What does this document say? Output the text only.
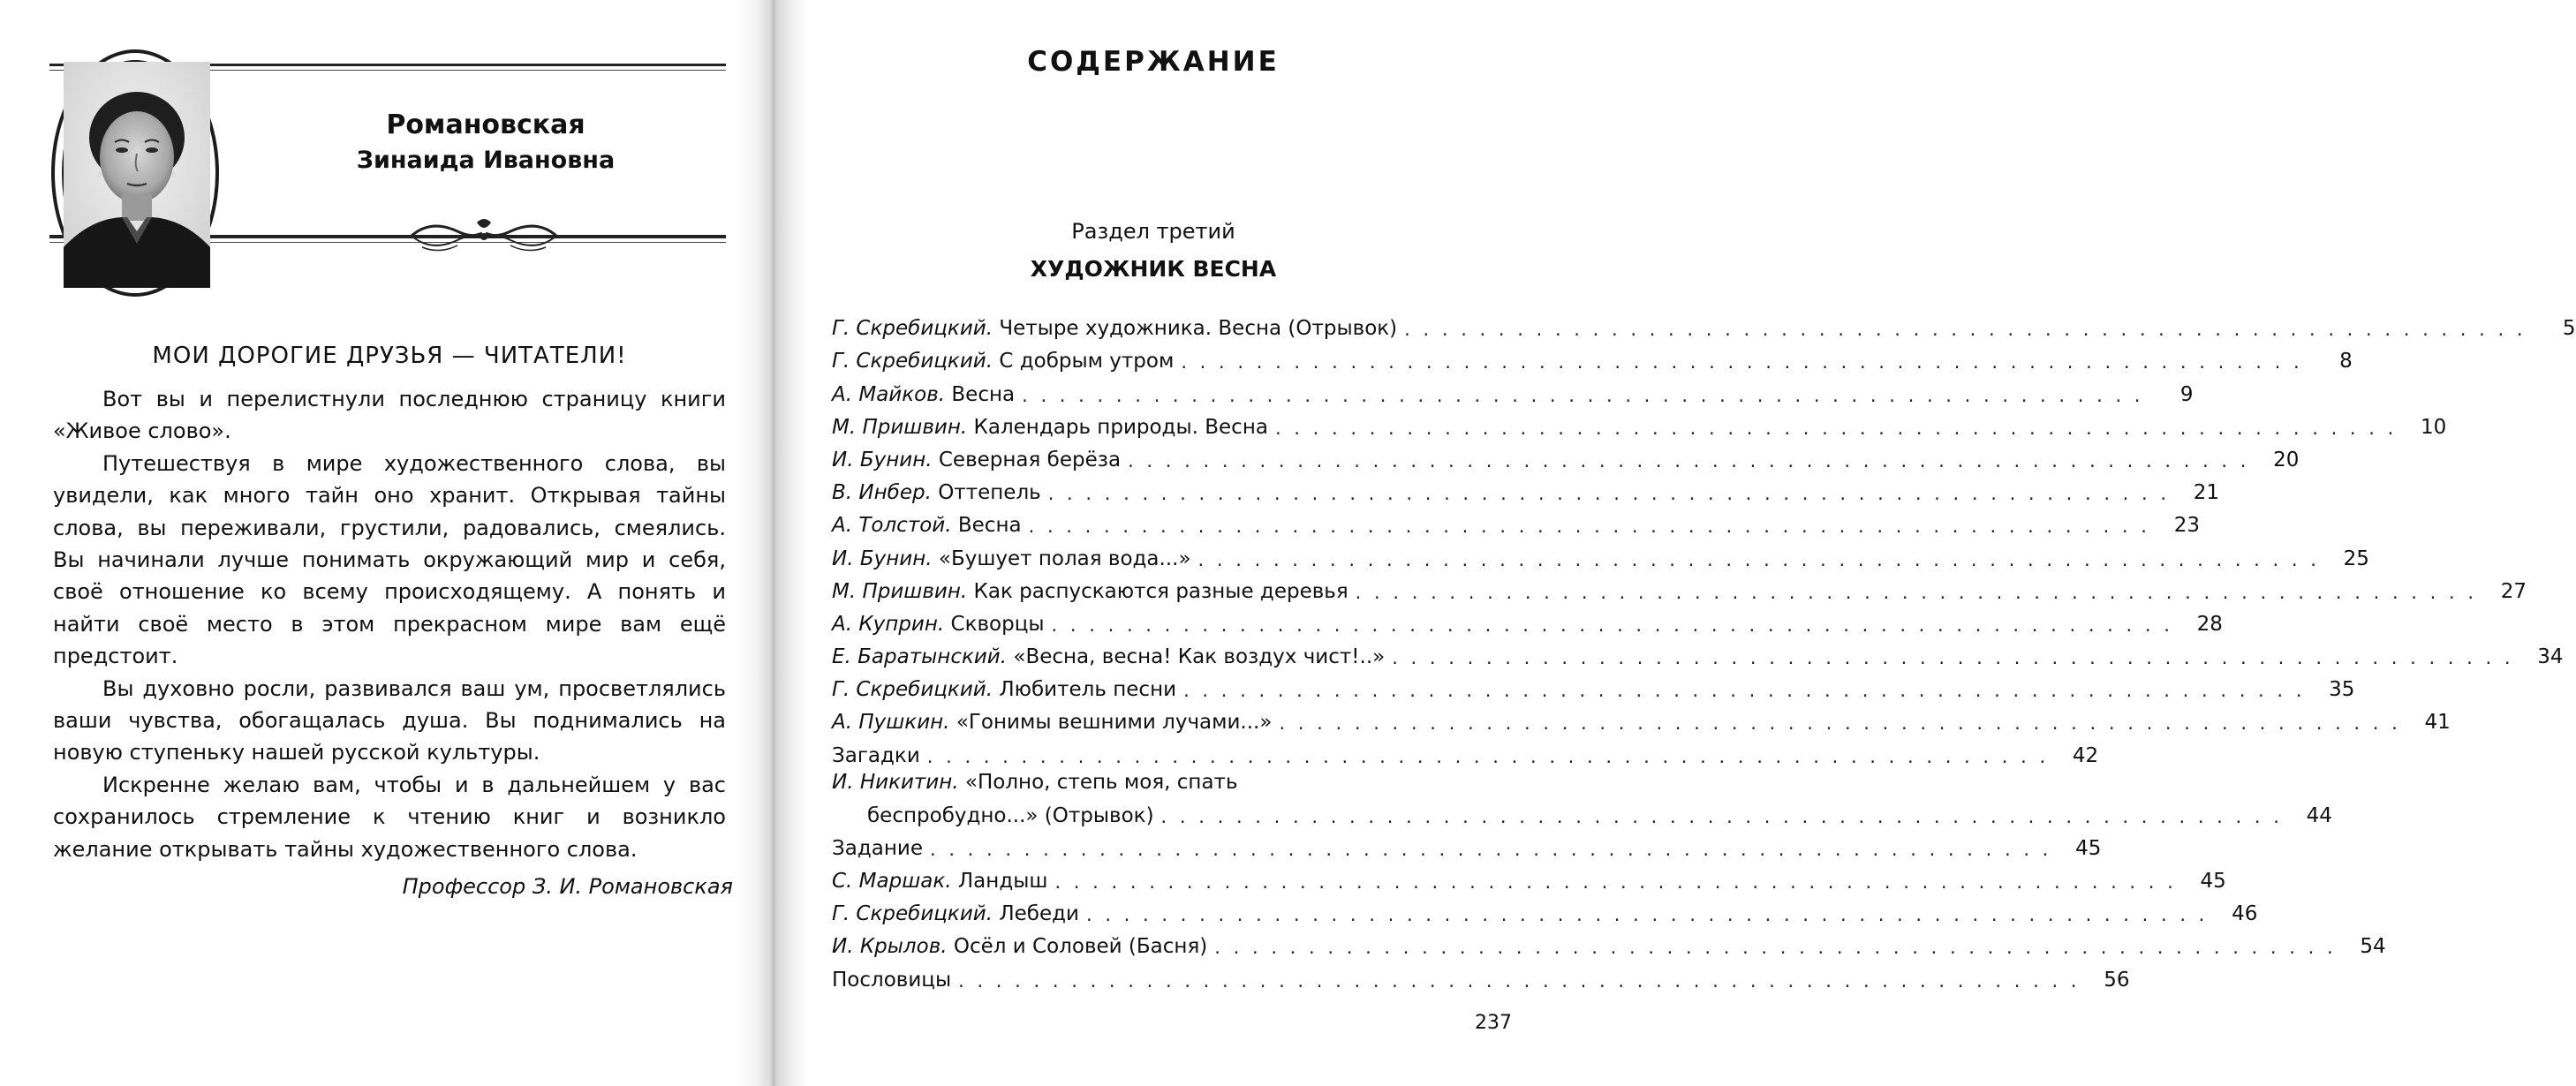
Романовская
Зинаида Ивановна
МОИ ДОРОГИЕ ДРУЗЬЯ — ЧИТАТЕЛИ!

Вот вы и перелистнули последнюю страницу книги «Живое слово».

Путешествуя в мире художественного слова, вы увидели, как много тайн оно хранит. Открывая тайны слова, вы переживали, грустили, радовались, смеялись. Вы начинали лучше понимать окружающий мир и себя, своё отношение ко всему происходящему. А понять и найти своё место в этом прекрасном мире вам ещё предстоит.

Вы духовно росли, развивался ваш ум, просветлялись ваши чувства, обогащалась душа. Вы поднимались на новую ступеньку нашей русской культуры.

Искренне желаю вам, чтобы и в дальнейшем у вас сохранилось стремление к чтению книг и возникло желание открывать тайны художественного слова.

Профессор З. И. Романовская
СОДЕРЖАНИЕ
Раздел третий
ХУДОЖНИК ВЕСНА
Г. Скребицкий. Четыре художника. Весна (Отрывок) . . . . . . . . . . . . . . . . . . . . . . . . . . . . . . . . . . . . . . . . . . . . . . . . . . . . . . . . . . . .	5
Г. Скребицкий. С добрым утром . . . . . . . . . . . . . . . . . . . . . . . . . . . . . . . . . . . . . . . . . . . . . . . . . . . . . . . . . . . .	8
А. Майков. Весна . . . . . . . . . . . . . . . . . . . . . . . . . . . . . . . . . . . . . . . . . . . . . . . . . . . . . . . . . . . .	9
М. Пришвин. Календарь природы. Весна . . . . . . . . . . . . . . . . . . . . . . . . . . . . . . . . . . . . . . . . . . . . . . . . . . . . . . . . . . . .	10
И. Бунин. Северная берёза . . . . . . . . . . . . . . . . . . . . . . . . . . . . . . . . . . . . . . . . . . . . . . . . . . . . . . . . . . . .	20
В. Инбер. Оттепель . . . . . . . . . . . . . . . . . . . . . . . . . . . . . . . . . . . . . . . . . . . . . . . . . . . . . . . . . . . .	21
А. Толстой. Весна . . . . . . . . . . . . . . . . . . . . . . . . . . . . . . . . . . . . . . . . . . . . . . . . . . . . . . . . . . . .	23
И. Бунин. «Бушует полая вода...» . . . . . . . . . . . . . . . . . . . . . . . . . . . . . . . . . . . . . . . . . . . . . . . . . . . . . . . . . . . .	25
М. Пришвин. Как распускаются разные деревья . . . . . . . . . . . . . . . . . . . . . . . . . . . . . . . . . . . . . . . . . . . . . . . . . . . . . . . . . . . .	27
А. Куприн. Скворцы . . . . . . . . . . . . . . . . . . . . . . . . . . . . . . . . . . . . . . . . . . . . . . . . . . . . . . . . . . . .	28
Е. Баратынский. «Весна, весна! Как воздух чист!..» . . . . . . . . . . . . . . . . . . . . . . . . . . . . . . . . . . . . . . . . . . . . . . . . . . . . . . . . . . . .	34
Г. Скребицкий. Любитель песни . . . . . . . . . . . . . . . . . . . . . . . . . . . . . . . . . . . . . . . . . . . . . . . . . . . . . . . . . . . .	35
А. Пушкин. «Гонимы вешними лучами...» . . . . . . . . . . . . . . . . . . . . . . . . . . . . . . . . . . . . . . . . . . . . . . . . . . . . . . . . . . . .	41
Загадки . . . . . . . . . . . . . . . . . . . . . . . . . . . . . . . . . . . . . . . . . . . . . . . . . . . . . . . . . . . .	42
И. Никитин. «Полно, степь моя, спать
беспробудно...» (Отрывок) . . . . . . . . . . . . . . . . . . . . . . . . . . . . . . . . . . . . . . . . . . . . . . . . . . . . . . . . . . . .	44
Задание . . . . . . . . . . . . . . . . . . . . . . . . . . . . . . . . . . . . . . . . . . . . . . . . . . . . . . . . . . . .	45
С. Маршак. Ландыш . . . . . . . . . . . . . . . . . . . . . . . . . . . . . . . . . . . . . . . . . . . . . . . . . . . . . . . . . . . .	45
Г. Скребицкий. Лебеди . . . . . . . . . . . . . . . . . . . . . . . . . . . . . . . . . . . . . . . . . . . . . . . . . . . . . . . . . . . .	46
И. Крылов. Осёл и Соловей (Басня) . . . . . . . . . . . . . . . . . . . . . . . . . . . . . . . . . . . . . . . . . . . . . . . . . . . . . . . . . . . .	54
Пословицы . . . . . . . . . . . . . . . . . . . . . . . . . . . . . . . . . . . . . . . . . . . . . . . . . . . . . . . . . . . .	56
237
